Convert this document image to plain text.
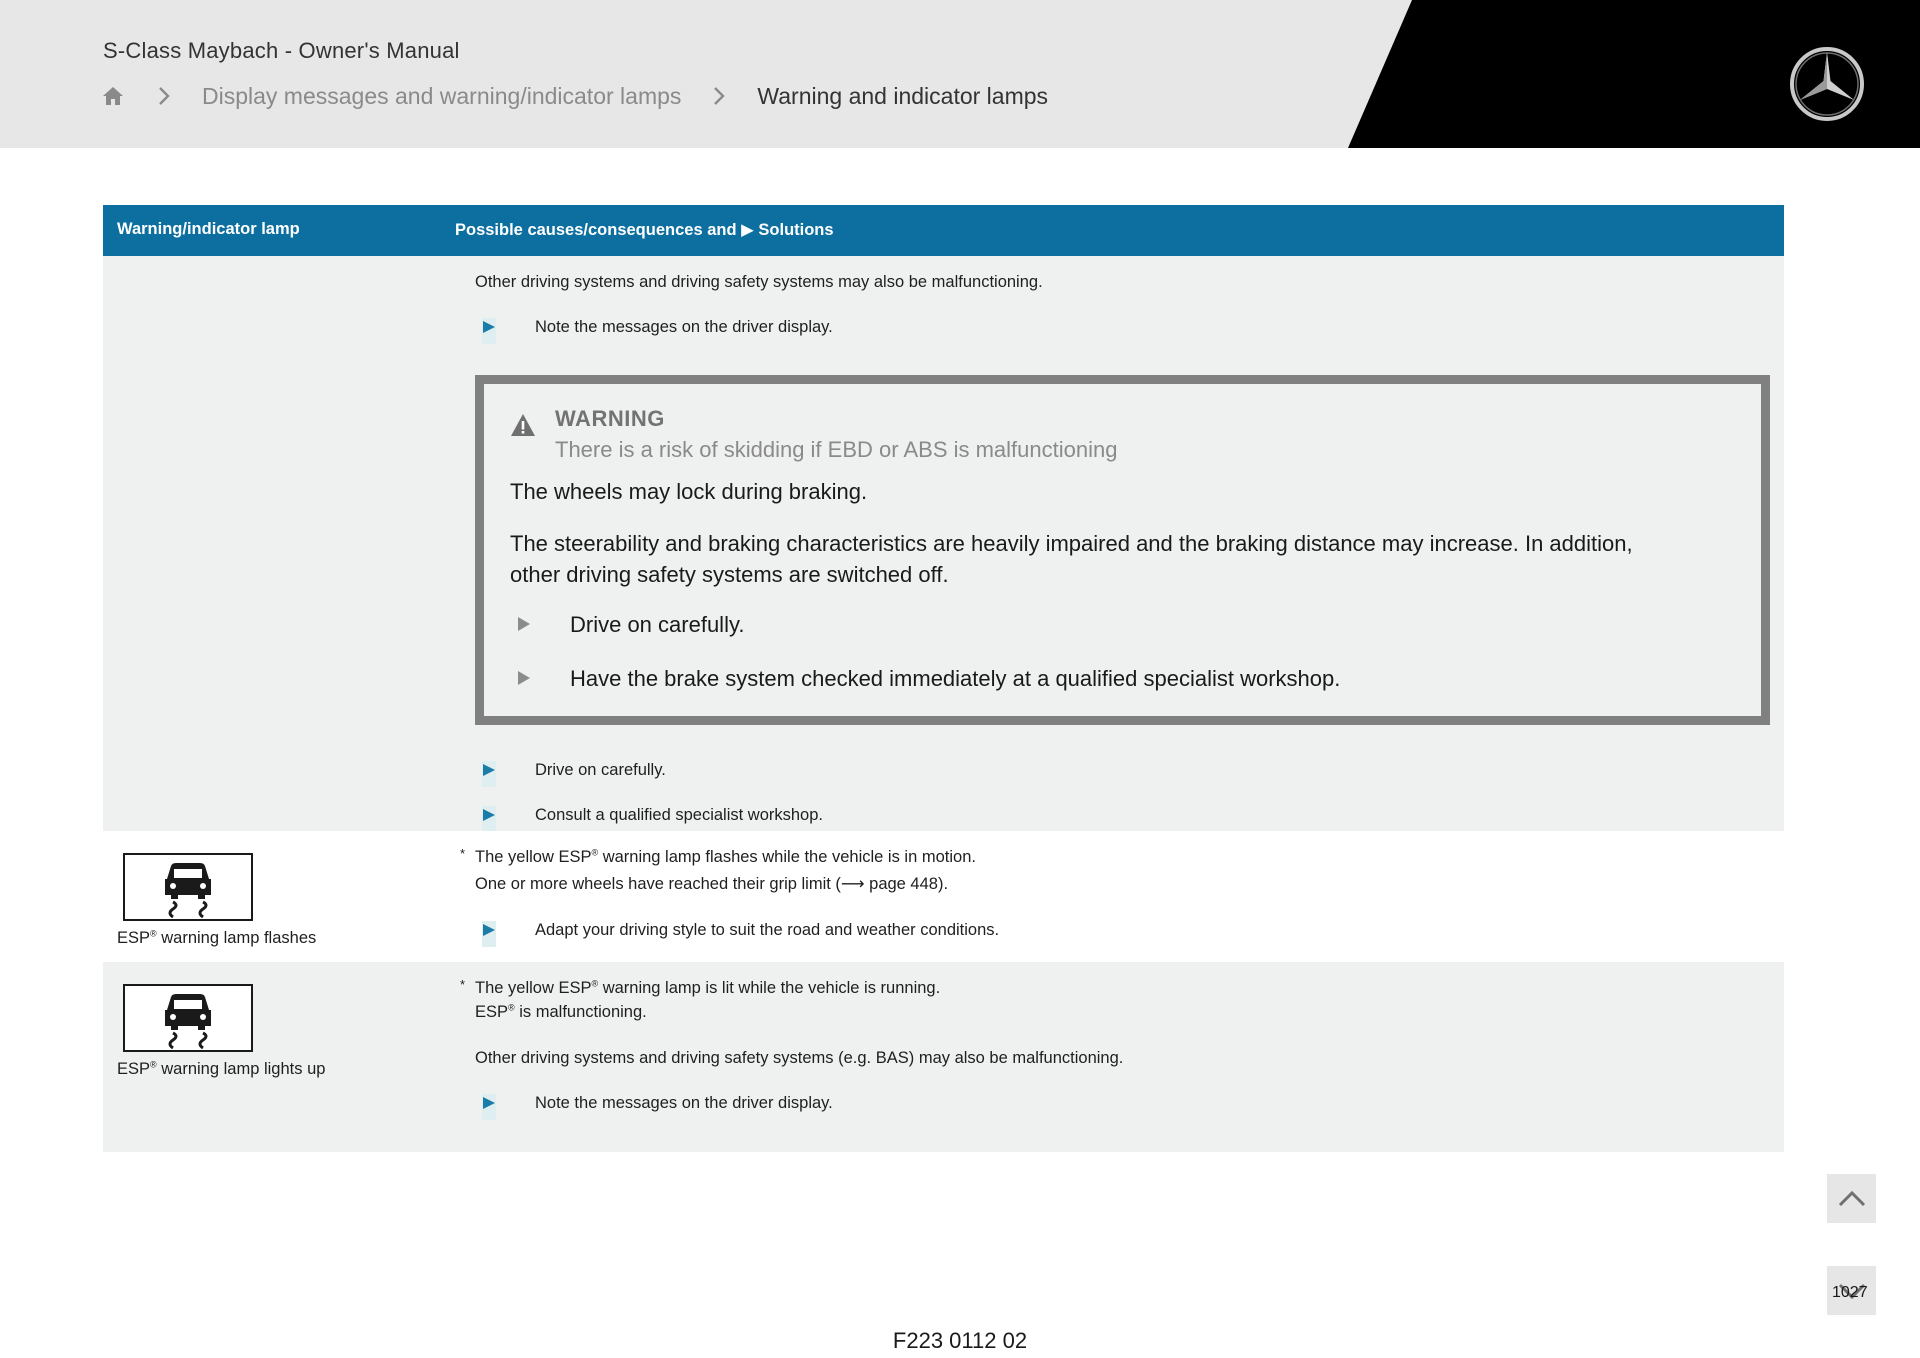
S-Class Maybach - Owner's Manual
Display messages and warning/indicator lamps	Warning and indicator lamps
Warning/indicator lamp	Possible causes/consequences and ▶ Solutions
Other driving systems and driving safety systems may also be malfunctioning.
Note the messages on the driver display.
WARNING
There is a risk of skidding if EBD or ABS is malfunctioning
The wheels may lock during braking.
The steerability and braking characteristics are heavily impaired and the braking distance may increase. In addition,
other driving safety systems are switched off.
Drive on carefully.
Have the brake system checked immediately at a qualified specialist workshop.
Drive on carefully.
Consult a qualified specialist workshop.
ESP® warning lamp flashes
* The yellow ESP® warning lamp flashes while the vehicle is in motion.
One or more wheels have reached their grip limit (⟶ page 448).
Adapt your driving style to suit the road and weather conditions.
ESP® warning lamp lights up
* The yellow ESP® warning lamp is lit while the vehicle is running.
ESP® is malfunctioning.
Other driving systems and driving safety systems (e.g. BAS) may also be malfunctioning.
Note the messages on the driver display.
1027
F223 0112 02
